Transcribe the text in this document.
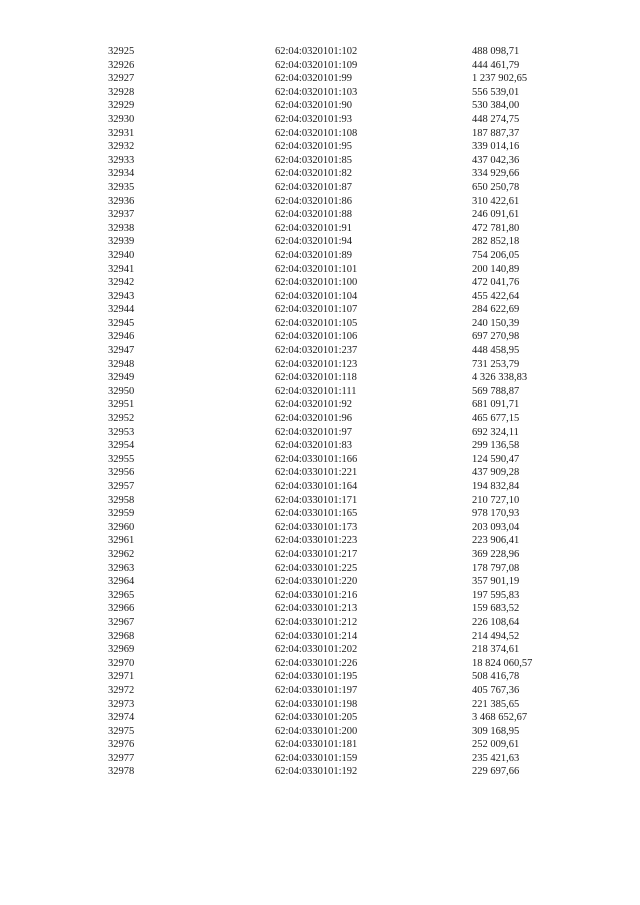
32925	62:04:0320101:102	488 098,71
32926	62:04:0320101:109	444 461,79
32927	62:04:0320101:99	1 237 902,65
32928	62:04:0320101:103	556 539,01
32929	62:04:0320101:90	530 384,00
32930	62:04:0320101:93	448 274,75
32931	62:04:0320101:108	187 887,37
32932	62:04:0320101:95	339 014,16
32933	62:04:0320101:85	437 042,36
32934	62:04:0320101:82	334 929,66
32935	62:04:0320101:87	650 250,78
32936	62:04:0320101:86	310 422,61
32937	62:04:0320101:88	246 091,61
32938	62:04:0320101:91	472 781,80
32939	62:04:0320101:94	282 852,18
32940	62:04:0320101:89	754 206,05
32941	62:04:0320101:101	200 140,89
32942	62:04:0320101:100	472 041,76
32943	62:04:0320101:104	455 422,64
32944	62:04:0320101:107	284 622,69
32945	62:04:0320101:105	240 150,39
32946	62:04:0320101:106	697 270,98
32947	62:04:0320101:237	448 458,95
32948	62:04:0320101:123	731 253,79
32949	62:04:0320101:118	4 326 338,83
32950	62:04:0320101:111	569 788,87
32951	62:04:0320101:92	681 091,71
32952	62:04:0320101:96	465 677,15
32953	62:04:0320101:97	692 324,11
32954	62:04:0320101:83	299 136,58
32955	62:04:0330101:166	124 590,47
32956	62:04:0330101:221	437 909,28
32957	62:04:0330101:164	194 832,84
32958	62:04:0330101:171	210 727,10
32959	62:04:0330101:165	978 170,93
32960	62:04:0330101:173	203 093,04
32961	62:04:0330101:223	223 906,41
32962	62:04:0330101:217	369 228,96
32963	62:04:0330101:225	178 797,08
32964	62:04:0330101:220	357 901,19
32965	62:04:0330101:216	197 595,83
32966	62:04:0330101:213	159 683,52
32967	62:04:0330101:212	226 108,64
32968	62:04:0330101:214	214 494,52
32969	62:04:0330101:202	218 374,61
32970	62:04:0330101:226	18 824 060,57
32971	62:04:0330101:195	508 416,78
32972	62:04:0330101:197	405 767,36
32973	62:04:0330101:198	221 385,65
32974	62:04:0330101:205	3 468 652,67
32975	62:04:0330101:200	309 168,95
32976	62:04:0330101:181	252 009,61
32977	62:04:0330101:159	235 421,63
32978	62:04:0330101:192	229 697,66
